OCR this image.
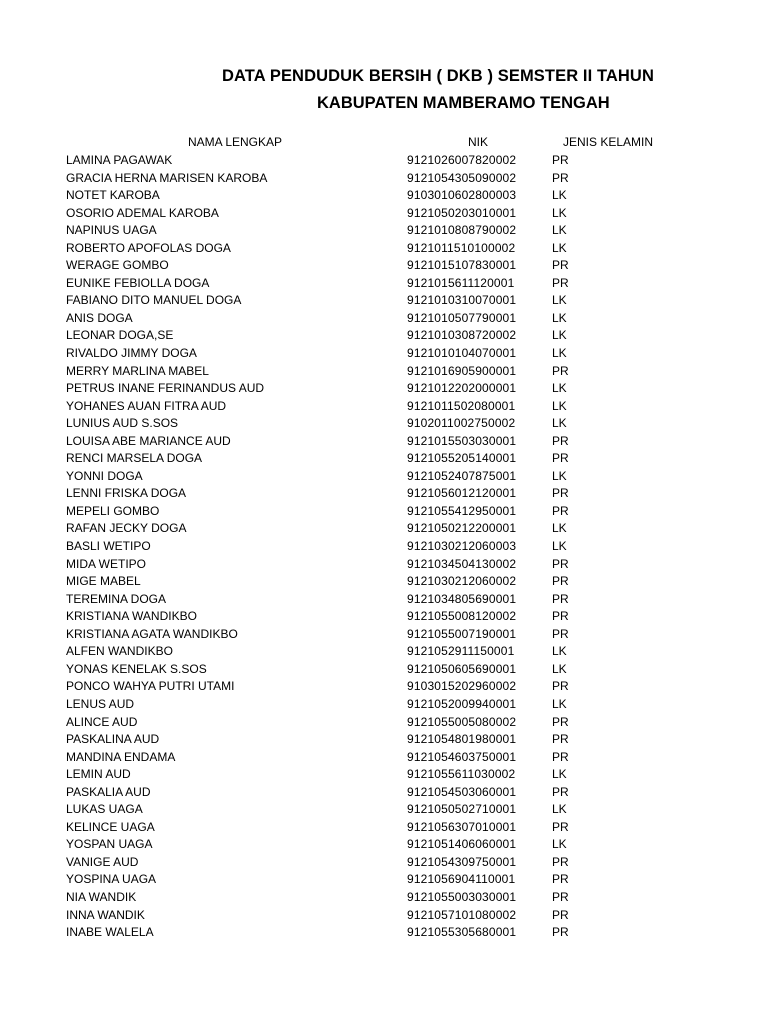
DATA PENDUDUK BERSIH ( DKB ) SEMSTER II TAHUN
KABUPATEN MAMBERAMO TENGAH
NAMA LENGKAP	NIK	JENIS KELAMIN
LAMINA PAGAWAK	9121026007820002	PR
GRACIA HERNA MARISEN KAROBA	9121054305090002	PR
NOTET KAROBA	9103010602800003	LK
OSORIO ADEMAL KAROBA	9121050203010001	LK
NAPINUS UAGA	9121010808790002	LK
ROBERTO APOFOLAS DOGA	9121011510100002	LK
WERAGE GOMBO	9121015107830001	PR
EUNIKE FEBIOLLA DOGA	9121015611120001	PR
FABIANO DITO MANUEL DOGA	9121010310070001	LK
ANIS DOGA	9121010507790001	LK
LEONAR DOGA,SE	9121010308720002	LK
RIVALDO JIMMY DOGA	9121010104070001	LK
MERRY MARLINA MABEL	9121016905900001	PR
PETRUS INANE FERINANDUS AUD	9121012202000001	LK
YOHANES AUAN FITRA AUD	9121011502080001	LK
LUNIUS AUD S.SOS	9102011002750002	LK
LOUISA ABE MARIANCE AUD	9121015503030001	PR
RENCI MARSELA DOGA	9121055205140001	PR
YONNI DOGA	9121052407875001	LK
LENNI FRISKA DOGA	9121056012120001	PR
MEPELI GOMBO	9121055412950001	PR
RAFAN JECKY DOGA	9121050212200001	LK
BASLI WETIPO	9121030212060003	LK
MIDA WETIPO	9121034504130002	PR
MIGE MABEL	9121030212060002	PR
TEREMINA DOGA	9121034805690001	PR
KRISTIANA WANDIKBO	9121055008120002	PR
KRISTIANA AGATA WANDIKBO	9121055007190001	PR
ALFEN WANDIKBO	9121052911150001	LK
YONAS KENELAK S.SOS	9121050605690001	LK
PONCO WAHYA PUTRI UTAMI	9103015202960002	PR
LENUS AUD	9121052009940001	LK
ALINCE AUD	9121055005080002	PR
PASKALINA AUD	9121054801980001	PR
MANDINA ENDAMA	9121054603750001	PR
LEMIN AUD	9121055611030002	LK
PASKALIA AUD	9121054503060001	PR
LUKAS UAGA	9121050502710001	LK
KELINCE UAGA	9121056307010001	PR
YOSPAN UAGA	9121051406060001	LK
VANIGE AUD	9121054309750001	PR
YOSPINA UAGA	9121056904110001	PR
NIA WANDIK	9121055003030001	PR
INNA WANDIK	9121057101080002	PR
INABE WALELA	9121055305680001	PR
